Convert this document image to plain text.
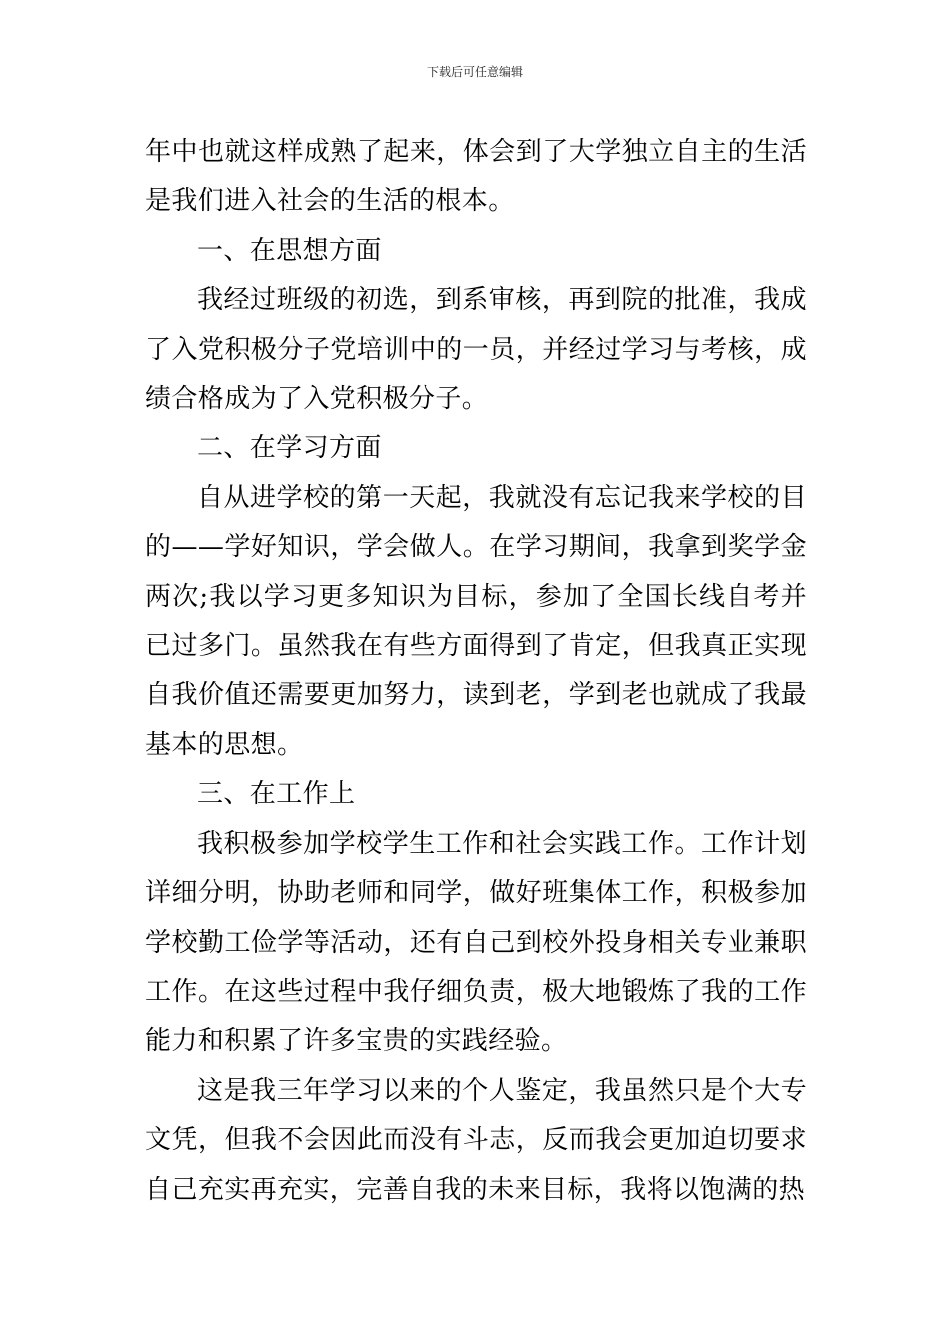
下载后可任意编辑

年中也就这样成熟了起来，体会到了大学独立自主的生活是我们进入社会的生活的根本。

一、在思想方面

我经过班级的初选，到系审核，再到院的批准，我成了入党积极分子党培训中的一员，并经过学习与考核，成绩合格成为了入党积极分子。

二、在学习方面

自从进学校的第一天起，我就没有忘记我来学校的目的——学好知识，学会做人。在学习期间，我拿到奖学金两次;我以学习更多知识为目标，参加了全国长线自考并已过多门。虽然我在有些方面得到了肯定，但我真正实现自我价值还需要更加努力，读到老，学到老也就成了我最基本的思想。

三、在工作上

我积极参加学校学生工作和社会实践工作。工作计划详细分明，协助老师和同学，做好班集体工作，积极参加学校勤工俭学等活动，还有自己到校外投身相关专业兼职工作。在这些过程中我仔细负责，极大地锻炼了我的工作能力和积累了许多宝贵的实践经验。

这是我三年学习以来的个人鉴定，我虽然只是个大专文凭，但我不会因此而没有斗志，反而我会更加迫切要求自己充实再充实，完善自我的未来目标，我将以饱满的热
